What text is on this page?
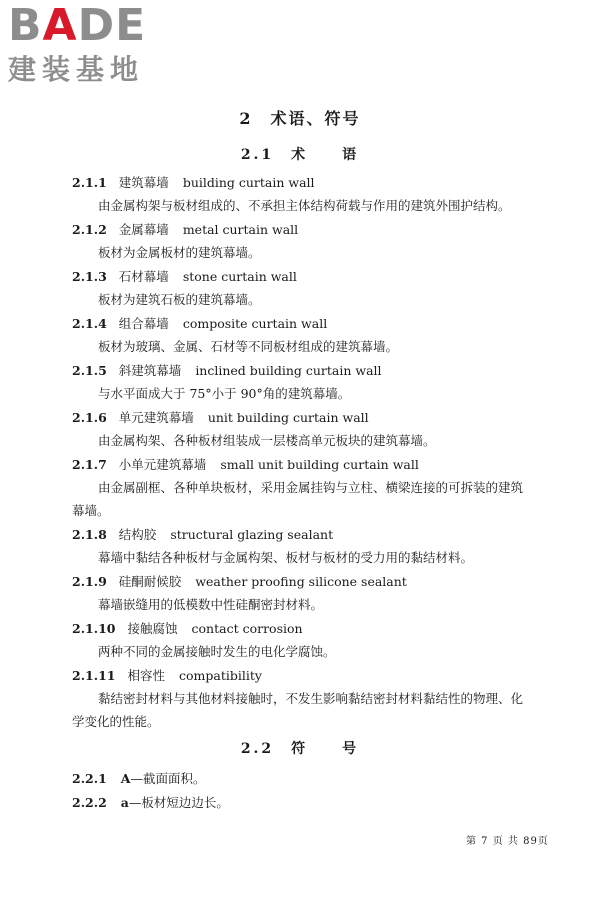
BADE
建装基地
2　术语、符号
2.1　术　　语
2.1.1 建筑幕墙 building curtain wall
由金属构架与板材组成的、不承担主体结构荷载与作用的建筑外围护结构。
2.1.2 金属幕墙 metal curtain wall
板材为金属板材的建筑幕墙。
2.1.3 石材幕墙 stone curtain wall
板材为建筑石板的建筑幕墙。
2.1.4 组合幕墙 composite curtain wall
板材为玻璃、金属、石材等不同板材组成的建筑幕墙。
2.1.5 斜建筑幕墙 inclined building curtain wall
与水平面成大于 75°小于 90°角的建筑幕墙。
2.1.6 单元建筑幕墙 unit building curtain wall
由金属构架、各种板材组装成一层楼高单元板块的建筑幕墙。
2.1.7 小单元建筑幕墙 small unit building curtain wall
由金属副框、各种单块板材，采用金属挂钩与立柱、横梁连接的可拆装的建筑
幕墙。
2.1.8 结构胶 structural glazing sealant
幕墙中黏结各种板材与金属构架、板材与板材的受力用的黏结材料。
2.1.9 硅酮耐候胶 weather proofing silicone sealant
幕墙嵌缝用的低模数中性硅酮密封材料。
2.1.10 接触腐蚀 contact corrosion
两种不同的金属接触时发生的电化学腐蚀。
2.1.11 相容性 compatibility
黏结密封材料与其他材料接触时，不发生影响黏结密封材料黏结性的物理、化
学变化的性能。
2.2　符　　号
2.2.1 A—截面面积。
2.2.2 a—板材短边边长。
第 7 页 共 89页
